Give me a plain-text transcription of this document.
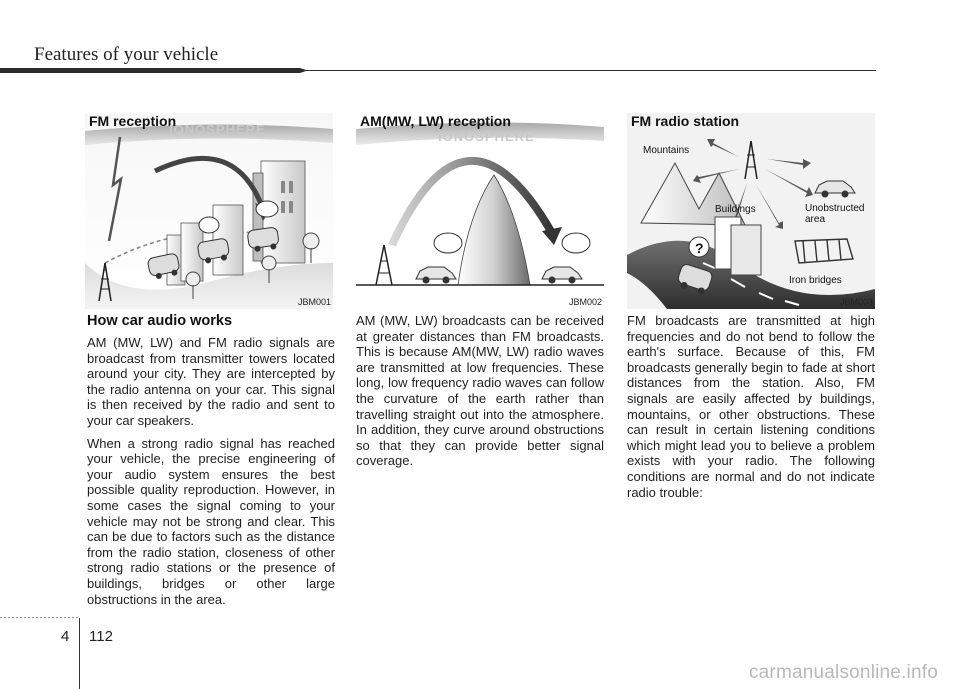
Features of your vehicle
FM reception
IONOSPHERE
JBM001
AM(MW, LW) reception
IONOSPHERE
JBM002
?
Mountains
Buildings	Unobstructed
area
Iron bridges
FM radio station
JBM003
How car audio works

AM (MW, LW) and FM radio signals are broadcast from transmitter towers located around your city. They are intercepted by the radio antenna on your car. This signal is then received by the radio and sent to your car speakers.

When a strong radio signal has reached your vehicle, the precise engineering of your audio system ensures the best possible quality reproduction. However, in some cases the signal coming to your vehicle may not be strong and clear. This can be due to factors such as the distance from the radio station, closeness of other strong radio stations or the presence of buildings, bridges or other large obstructions in the area.

AM (MW, LW) broadcasts can be received at greater distances than FM broadcasts. This is because AM(MW, LW) radio waves are transmitted at low frequencies. These long, low frequency radio waves can follow the curvature of the earth rather than travelling straight out into the atmosphere. In addition, they curve around obstructions so that they can provide better signal coverage.

FM broadcasts are transmitted at high frequencies and do not bend to follow the earth's surface. Because of this, FM broadcasts generally begin to fade at short distances from the station. Also, FM signals are easily affected by buildings, mountains, or other obstructions. These can result in certain listening conditions which might lead you to believe a problem exists with your radio. The following conditions are normal and do not indicate radio trouble:

4 112
carmanualsonline.info
